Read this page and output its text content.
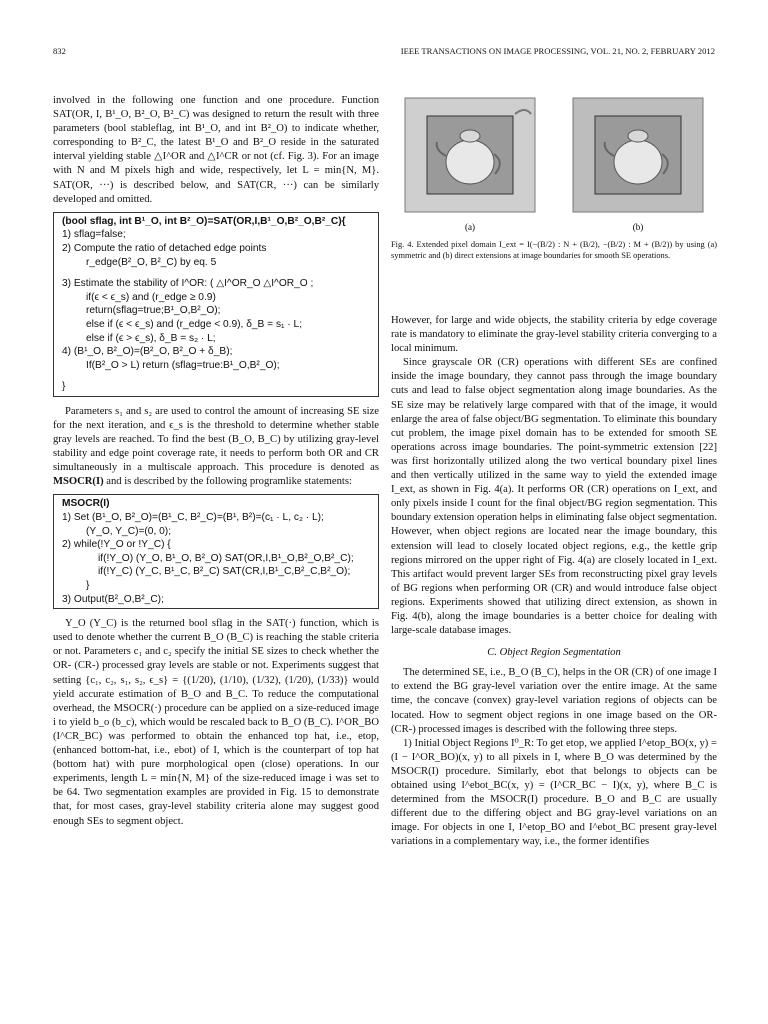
832	IEEE TRANSACTIONS ON IMAGE PROCESSING, VOL. 21, NO. 2, FEBRUARY 2012

involved in the following one function and one procedure. Function SAT(OR, I, B¹_O, B²_O, B²_C) was designed to return the result with three parameters (bool stableflag, int B¹_O, and int B²_O) to indicate whether, corresponding to B²_C, the latest B¹_O and B²_O reside in the saturated interval yielding stable △I^OR and △I^CR or not (cf. Fig. 3). For an image with N and M pixels high and wide, respectively, let L = min{N, M}. SAT(OR, ···) is described below, and SAT(CR, ···) can be similarly developed and omitted.

(bool sflag, int B¹_O, int B²_O)=SAT(OR,I,B¹_O,B²_O,B²_C){
1) sflag=false;
2) Compute the ratio of detached edge points
r_edge(B²_O, B²_C) by eq. 5
3) Estimate the stability of I^OR: ( △I^OR_O △I^OR_O ;
if(ϵ < ϵ_s) and (r_edge ≥ 0.9)
return(sflag=true;B¹_O,B²_O);
else if (ϵ < ϵ_s) and (r_edge < 0.9), δ_B = s₁ · L;
else if (ϵ > ϵ_s), δ_B = s₂ · L;
4) (B¹_O, B²_O)=(B²_O, B²_O + δ_B);
If(B²_O > L) return (sflag=true:B¹_O,B²_O);
}

Parameters s₁ and s₂ are used to control the amount of increasing SE size for the next iteration, and ϵ_s is the threshold to determine whether stable gray levels are reached. To find the best (B_O, B_C) by utilizing gray-level stability and edge point coverage rate, it needs to perform both OR and CR simultaneously in a multiscale approach. This procedure is denoted as MSOCR(I) and is described by the following programlike statements:

MSOCR(I)
1) Set (B¹_O, B²_O)=(B¹_C, B²_C)=(B¹, B²)=(c₁ · L, c₂ · L);
(Y_O, Y_C)=(0, 0);
2) while(!Y_O or !Y_C) {
if(!Y_O) (Y_O, B¹_O, B²_O) SAT(OR,I,B¹_O,B²_O,B²_C);
if(!Y_C) (Y_C, B¹_C, B²_C) SAT(CR,I,B¹_C,B²_C,B²_O);
}
3) Output(B²_O,B²_C);

Y_O (Y_C) is the returned bool sflag in the SAT(·) function, which is used to denote whether the current B_O (B_C) is reaching the stable criteria or not. Parameters c₁ and c₂ specify the initial SE sizes to check whether the OR- (CR-) processed gray levels are stable or not. Experiments suggest that setting {c₁, c₂, s₁, s₂, ϵ_s} = {(1/20), (1/10), (1/32), (1/20), (1/33)} would yield accurate estimation of B_O and B_C. To reduce the computational overhead, the MSOCR(·) procedure can be applied on a size-reduced image i to yield b_o (b_c), which would be rescaled back to B_O (B_C). I^OR_BO (I^CR_BC) was performed to obtain the enhanced top hat, i.e., etop, (enhanced bottom-hat, i.e., ebot) of I, which is the counterpart of top hat (bottom hat) with pure morphological open (close) operations. In our experiments, length L = min{N, M} of the size-reduced image i was set to be 64. Two segmentation examples are provided in Fig. 15 to demonstrate that, for most cases, gray-level stability criteria alone may suggest good enough SEs to segment object.

(a)	(b)
Fig. 4. Extended pixel domain I_ext = I(−(B/2) : N + (B/2), −(B/2) : M + (B/2)) by using (a) symmetric and (b) direct extensions at image boundaries for smooth SE operations.

However, for large and wide objects, the stability criteria by edge coverage rate is mandatory to eliminate the gray-level stability criteria converging to a local minimum.

Since grayscale OR (CR) operations with different SEs are confined inside the image boundary, they cannot pass through the image boundary cuts and lead to false object segmentation along image boundaries. As the SE size may be relatively large compared with that of the image, it would enlarge the area of false object/BG segmentation. To eliminate this boundary cut problem, the image pixel domain has to be extended for smooth SE operations across image boundaries. The point-symmetric extension [22] was first horizontally utilized along the two vertical boundary pixel lines and then vertically utilized in the same way to yield the extended image I_ext, as shown in Fig. 4(a). It performs OR (CR) operations on I_ext, and only pixels inside I count for the final object/BG region segmentation. This boundary extension operation helps in eliminating false object segmentation. However, when object regions are located near the image boundary, this extension will lead to closely located object regions, e.g., the kettle grip regions mirrored on the upper right of Fig. 4(a) are closely located in I_ext. This artifact would prevent larger SEs from reconstructing pixel gray levels of BG regions when performing OR (CR) and would introduce false object regions. Experiments showed that utilizing direct extension, as shown in Fig. 4(b), along the image boundaries is a better choice for dealing with large-scale database images.

C. Object Region Segmentation

The determined SE, i.e., B_O (B_C), helps in the OR (CR) of one image I to extend the BG gray-level variation over the entire image. At the same time, the concave (convex) gray-level variation regions of objects can be located. How to segment object regions in one image based on the OR- (CR-) processed images is described with the following three steps.

1) Initial Object Regions I⁰_R: To get etop, we applied I^etop_BO(x, y) = (I − I^OR_BO)(x, y) to all pixels in I, where B_O was determined by the MSOCR(I) procedure. Similarly, ebot that belongs to objects can be obtained using I^ebot_BC(x, y) = (I^CR_BC − I)(x, y), where B_C is determined from the MSOCR(I) procedure. B_O and B_C are usually different due to the differing object and BG gray-level variations on an image. For objects in one I, I^etop_BO and I^ebot_BC present gray-level variations in a complementary way, i.e., the former identifies
